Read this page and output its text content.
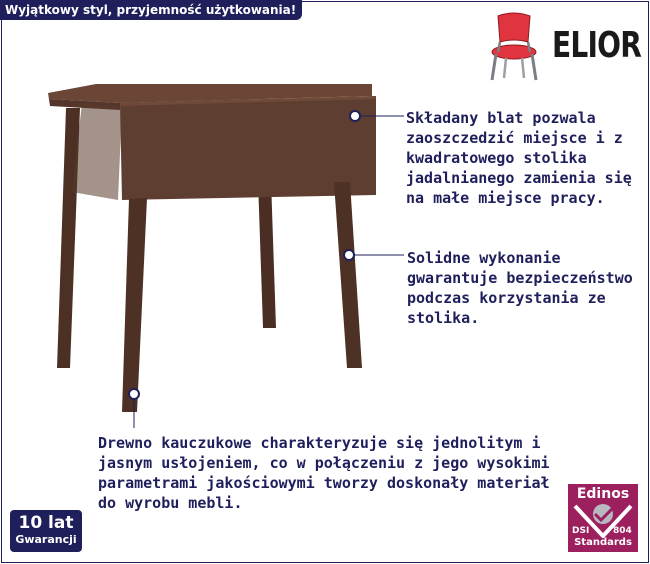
Wyjątkowy styl, przyjemność użytkowania!
ELIOR
Składany blat pozwala zaoszczedzić miejsce i z kwadratowego stolika jadalnianego zamienia się na małe miejsce pracy.
Solidne wykonanie gwarantuje bezpieczeństwo podczas korzystania ze stolika.
Drewno kauczukowe charakteryzuje się jednolitym i jasnym usłojeniem, co w połączeniu z jego wysokimi parametrami jakościowymi tworzy doskonały materiał do wyrobu mebli.
10 lat
Gwarancji
Edinos
DSI	804
Standards
